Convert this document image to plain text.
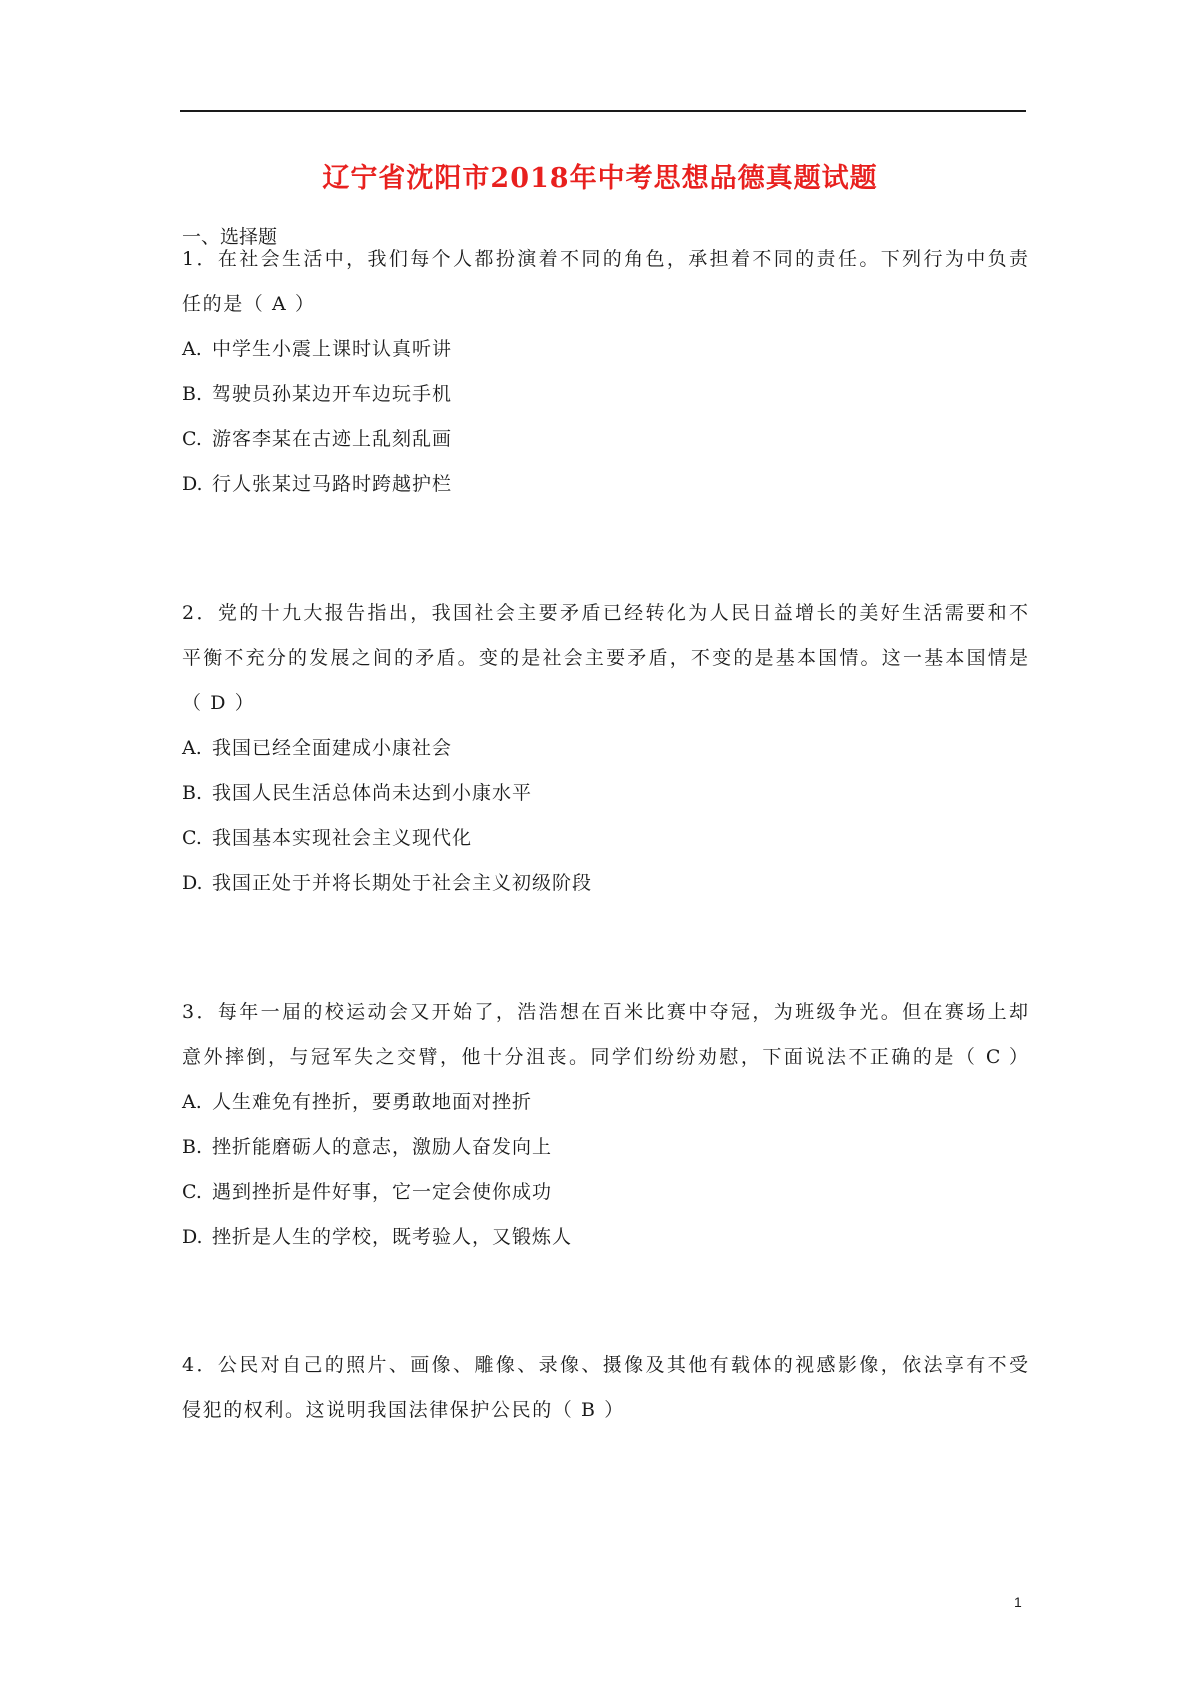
辽宁省沈阳市2018年中考思想品德真题试题
一、选择题
1．在社会生活中，我们每个人都扮演着不同的角色，承担着不同的责任。下列行为中负责
任的是（ A ）
A. 中学生小震上课时认真听讲
B. 驾驶员孙某边开车边玩手机
C. 游客李某在古迹上乱刻乱画
D. 行人张某过马路时跨越护栏
2．党的十九大报告指出，我国社会主要矛盾已经转化为人民日益增长的美好生活需要和不
平衡不充分的发展之间的矛盾。变的是社会主要矛盾，不变的是基本国情。这一基本国情是
（ D ）
A. 我国已经全面建成小康社会
B. 我国人民生活总体尚未达到小康水平
C. 我国基本实现社会主义现代化
D. 我国正处于并将长期处于社会主义初级阶段
3．每年一届的校运动会又开始了，浩浩想在百米比赛中夺冠，为班级争光。但在赛场上却
意外摔倒，与冠军失之交臂，他十分沮丧。同学们纷纷劝慰，下面说法不正确的是（ C ）
A. 人生难免有挫折，要勇敢地面对挫折
B. 挫折能磨砺人的意志，激励人奋发向上
C. 遇到挫折是件好事，它一定会使你成功
D. 挫折是人生的学校，既考验人，又锻炼人
4．公民对自己的照片、画像、雕像、录像、摄像及其他有载体的视感影像，依法享有不受
侵犯的权利。这说明我国法律保护公民的（ B ）
1
